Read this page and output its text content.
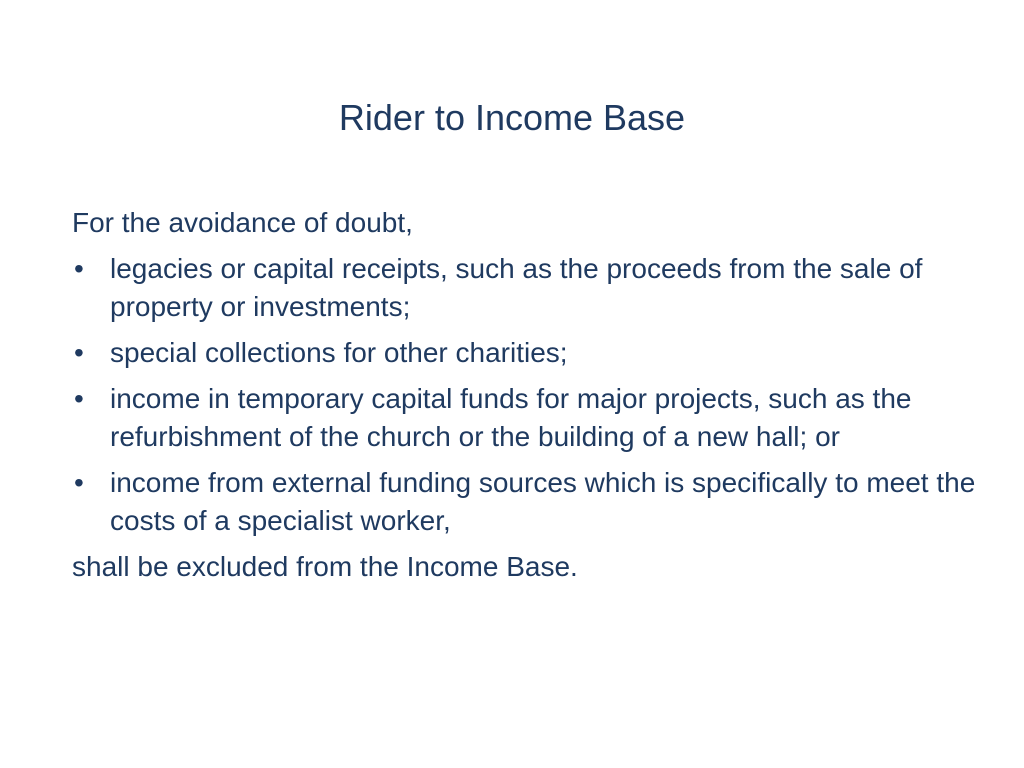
Rider to Income Base

For the avoidance of doubt,

• legacies or capital receipts, such as the proceeds from the sale of property or investments;
• special collections for other charities;
• income in temporary capital funds for major projects, such as the refurbishment of the church or the building of a new hall; or
• income from external funding sources which is specifically to meet the costs of a specialist worker,

shall be excluded from the Income Base.
